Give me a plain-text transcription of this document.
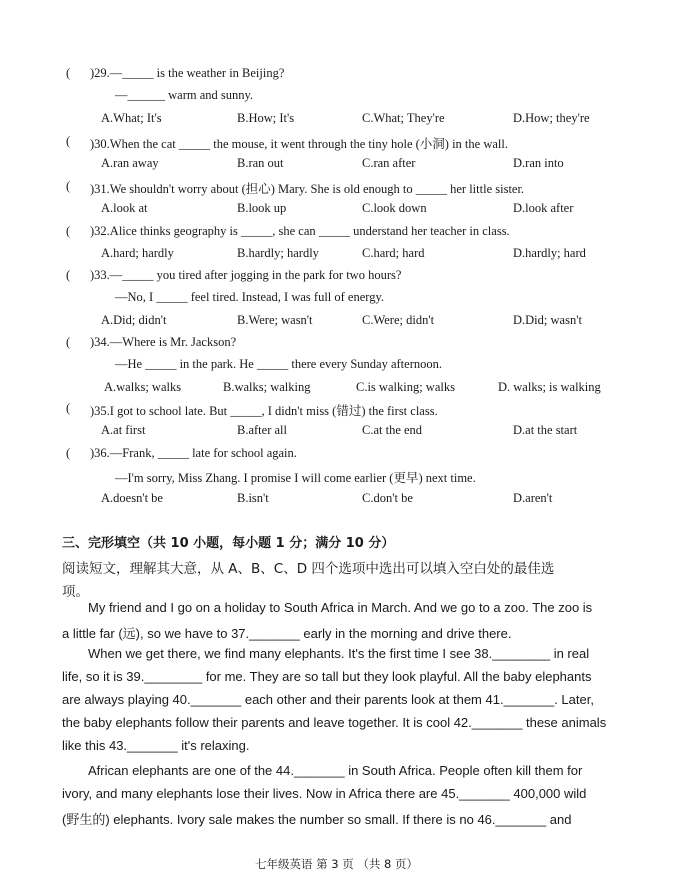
( )29.—_____ is the weather in Beijing?
—______ warm and sunny.
A.What; It's	B.How; It's	C.What; They're	D.How; they're
( )30.When the cat _____ the mouse, it went through the tiny hole (小洞) in the wall.
A.ran away	B.ran out	C.ran after	D.ran into
( )31.We shouldn't worry about (担心) Mary. She is old enough to _____ her little sister.
A.look at	B.look up	C.look down	D.look after
( )32.Alice thinks geography is _____, she can _____ understand her teacher in class.
A.hard; hardly	B.hardly; hardly	C.hard; hard	D.hardly; hard
( )33.—_____ you tired after jogging in the park for two hours?
—No, I _____ feel tired. Instead, I was full of energy.
A.Did; didn't	B.Were; wasn't	C.Were; didn't	D.Did; wasn't
( )34.—Where is Mr. Jackson?
—He _____ in the park. He _____ there every Sunday afternoon.
A.walks; walks	B.walks; walking	C.is walking; walks	D. walks; is walking
( )35.I got to school late. But _____, I didn't miss (错过) the first class.
A.at first	B.after all	C.at the end	D.at the start
( )36.—Frank, _____ late for school again.
—I'm sorry, Miss Zhang. I promise I will come earlier (更早) next time.
A.doesn't be	B.isn't	C.don't be	D.aren't
三、完形填空（共 10 小题，每小题 1 分；满分 10 分）
阅读短文，理解其大意，从 A、B、C、D 四个选项中选出可以填入空白处的最佳选
项。
My friend and I go on a holiday to South Africa in March. And we go to a zoo. The zoo is
a little far (远), so we have to 37._______ early in the morning and drive there.
When we get there, we find many elephants. It's the first time I see 38.________ in real
life, so it is 39.________ for me. They are so tall but they look playful. All the baby elephants
are always playing 40._______ each other and their parents look at them 41._______. Later,
the baby elephants follow their parents and leave together. It is cool 42._______ these animals
like this 43._______ it's relaxing.
African elephants are one of the 44._______ in South Africa. People often kill them for
ivory, and many elephants lose their lives. Now in Africa there are 45._______ 400,000 wild
(野生的) elephants. Ivory sale makes the number so small. If there is no 46._______ and
七年级英语 第 3 页 （共 8 页）
